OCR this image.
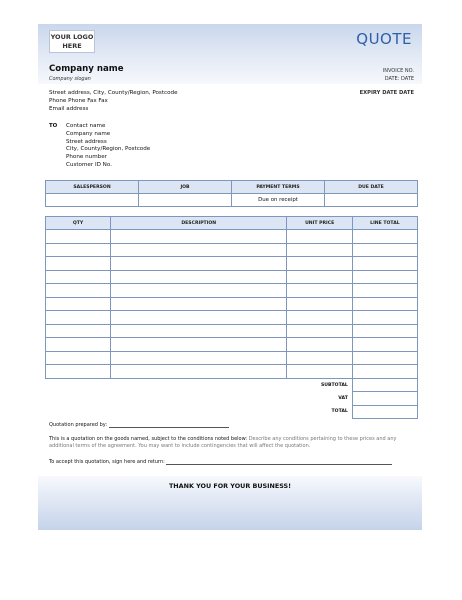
YOUR LOGO
HERE	QUOTE
Company name
Company slogan
INVOICE NO.
DATE: DATE
Street address, City, County/Region, Postcode
Phone Phone Fax Fax
Email address
EXPIRY DATE DATE
TO Contact name
Company name
Street address
City, County/Region, Postcode
Phone number
Customer ID No.
SALESPERSON	JOB	PAYMENT TERMS	DUE DATE
		Due on receipt	
QTY	DESCRIPTION	UNIT PRICE	LINE TOTAL

		SUBTOTAL	
		VAT	
		TOTAL	
Quotation prepared by:
This is a quotation on the goods named, subject to the conditions noted below: Describe any conditions pertaining to these prices and any additional terms of the agreement. You may want to include contingencies that will affect the quotation.
To accept this quotation, sign here and return:
THANK YOU FOR YOUR BUSINESS!
